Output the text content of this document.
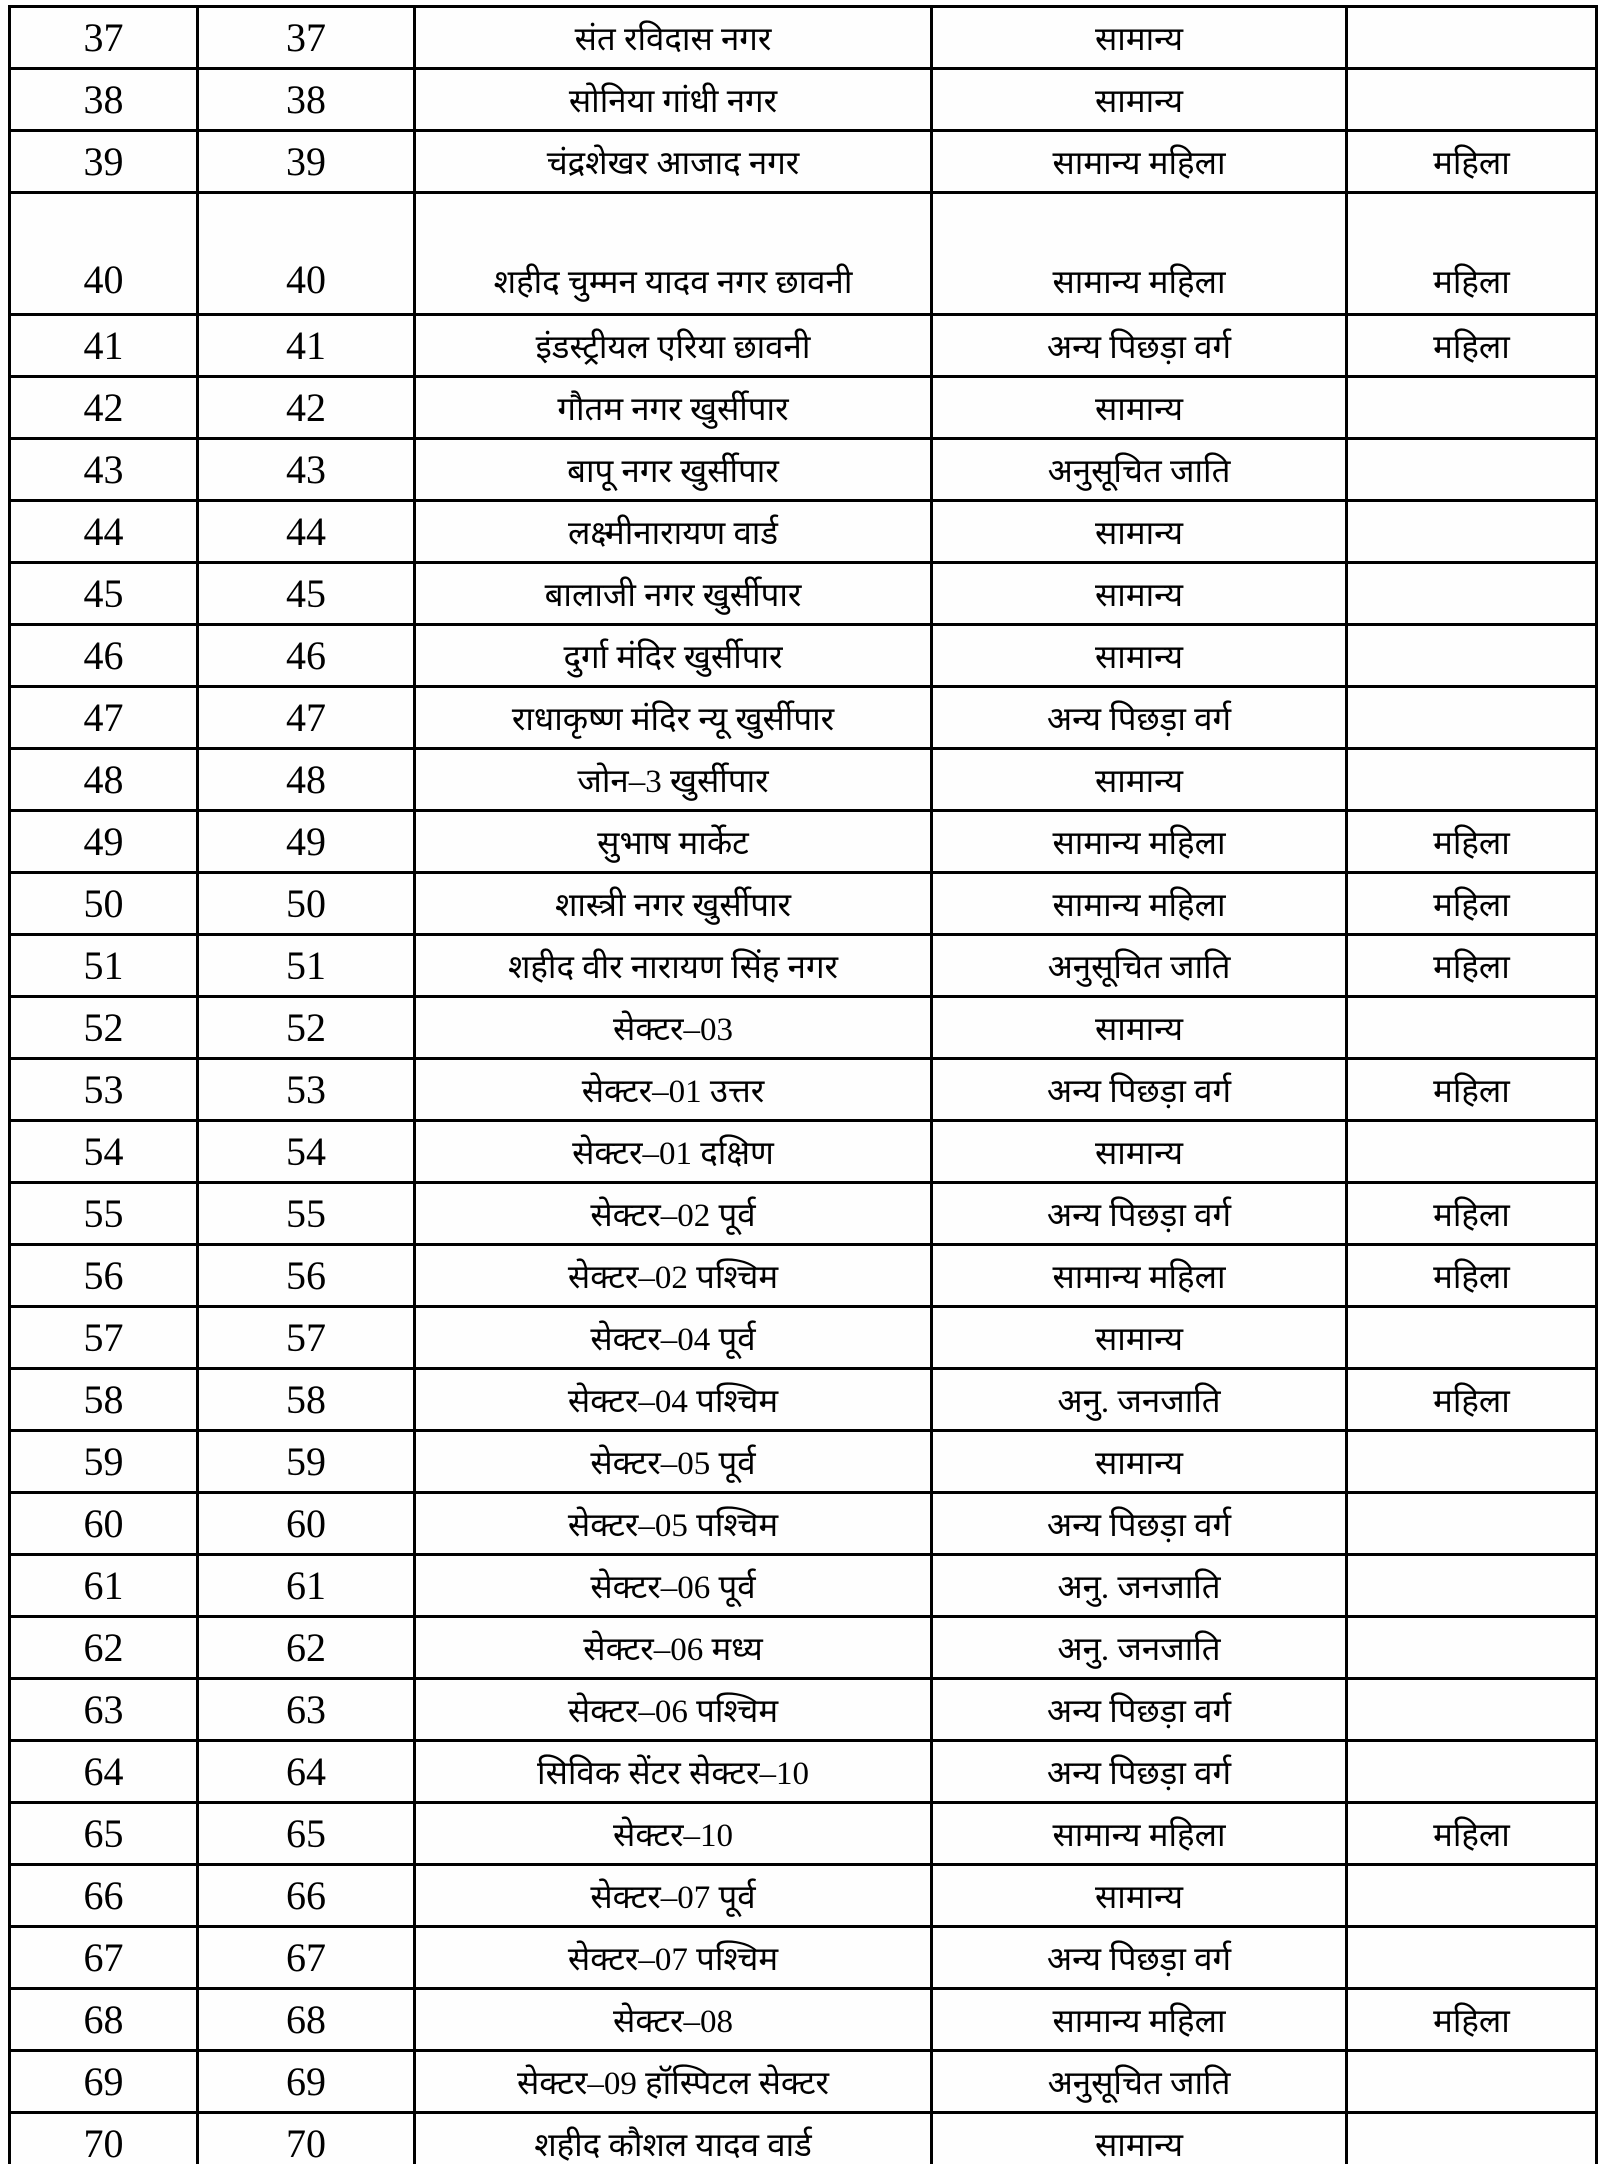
37	37	संत रविदास नगर	सामान्य	
38	38	सोनिया गांधी नगर	सामान्य	
39	39	चंद्रशेखर आजाद नगर	सामान्य महिला	महिला
40	40	शहीद चुम्मन यादव नगर छावनी	सामान्य महिला	महिला
41	41	इंडस्ट्रीयल एरिया छावनी	अन्य पिछड़ा वर्ग	महिला
42	42	गौतम नगर खुर्सीपार	सामान्य	
43	43	बापू नगर खुर्सीपार	अनुसूचित जाति	
44	44	लक्ष्मीनारायण वार्ड	सामान्य	
45	45	बालाजी नगर खुर्सीपार	सामान्य	
46	46	दुर्गा मंदिर खुर्सीपार	सामान्य	
47	47	राधाकृष्ण मंदिर न्यू खुर्सीपार	अन्य पिछड़ा वर्ग	
48	48	जोन–3 खुर्सीपार	सामान्य	
49	49	सुभाष मार्केट	सामान्य महिला	महिला
50	50	शास्त्री नगर खुर्सीपार	सामान्य महिला	महिला
51	51	शहीद वीर नारायण सिंह नगर	अनुसूचित जाति	महिला
52	52	सेक्टर–03	सामान्य	
53	53	सेक्टर–01 उत्तर	अन्य पिछड़ा वर्ग	महिला
54	54	सेक्टर–01 दक्षिण	सामान्य	
55	55	सेक्टर–02 पूर्व	अन्य पिछड़ा वर्ग	महिला
56	56	सेक्टर–02 पश्चिम	सामान्य महिला	महिला
57	57	सेक्टर–04 पूर्व	सामान्य	
58	58	सेक्टर–04 पश्चिम	अनु. जनजाति	महिला
59	59	सेक्टर–05 पूर्व	सामान्य	
60	60	सेक्टर–05 पश्चिम	अन्य पिछड़ा वर्ग	
61	61	सेक्टर–06 पूर्व	अनु. जनजाति	
62	62	सेक्टर–06 मध्य	अनु. जनजाति	
63	63	सेक्टर–06 पश्चिम	अन्य पिछड़ा वर्ग	
64	64	सिविक सेंटर सेक्टर–10	अन्य पिछड़ा वर्ग	
65	65	सेक्टर–10	सामान्य महिला	महिला
66	66	सेक्टर–07 पूर्व	सामान्य	
67	67	सेक्टर–07 पश्चिम	अन्य पिछड़ा वर्ग	
68	68	सेक्टर–08	सामान्य महिला	महिला
69	69	सेक्टर–09 हॉस्पिटल सेक्टर	अनुसूचित जाति	
70	70	शहीद कौशल यादव वार्ड	सामान्य	
